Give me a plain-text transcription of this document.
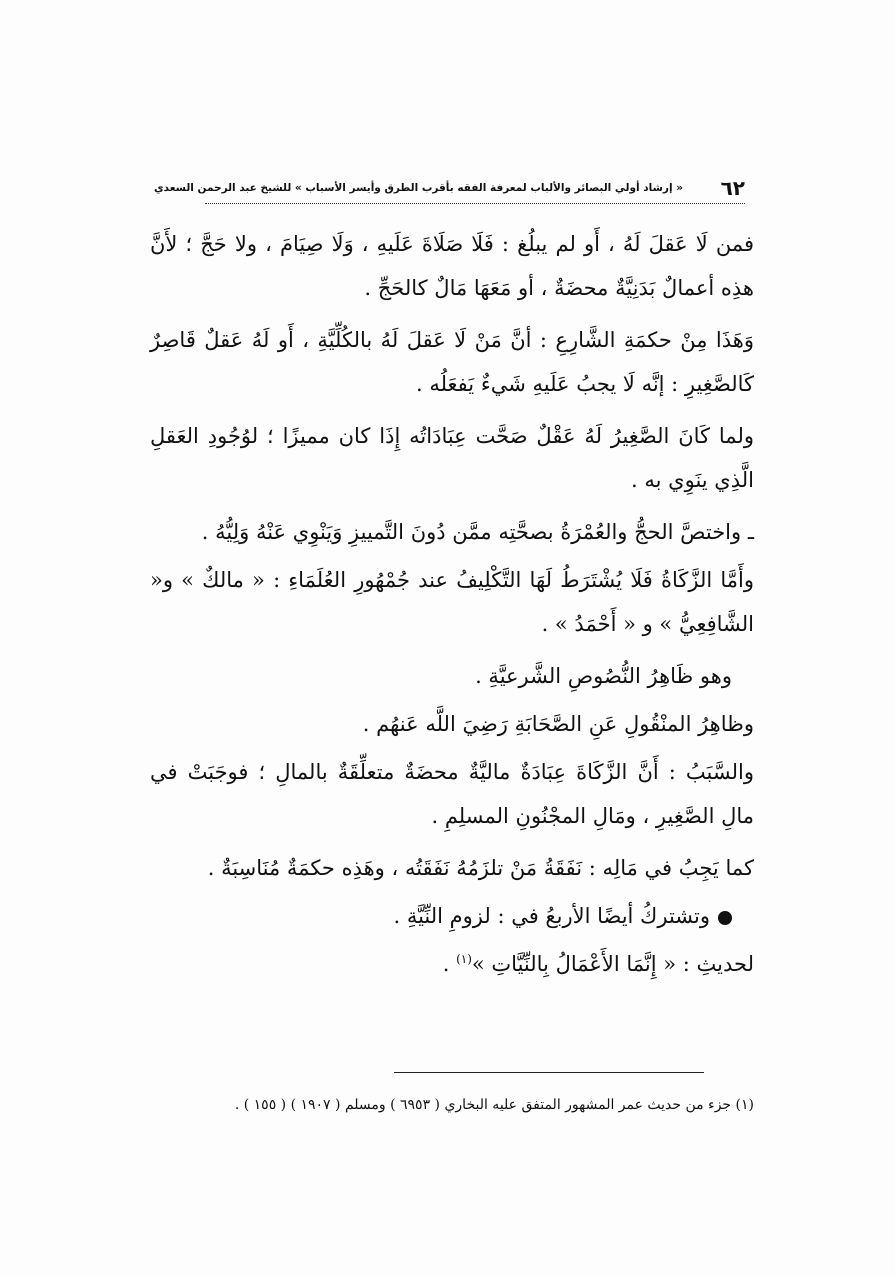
٦٢
« إرشاد أولي البصائر والألباب لمعرفة الفقه بأقرب الطرق وأيسر الأسباب » للشيخ عبد الرحمن السعدي

فمن لَا عَقلَ لَهُ ، أَو لم يبلُغ : فَلَا صَلَاةَ عَلَيهِ ، وَلَا صِيَامَ ، ولا حَجَّ ؛ لأَنَّ هذِه أعمالٌ بَدَنِيَّةٌ محضَةٌ ، أو مَعَهَا مَالٌ كالحَجِّ .

وَهَذَا مِنْ حكمَةِ الشَّارِعِ : أنَّ مَنْ لَا عَقلَ لَهُ بالكُلِّيَّةِ ، أَو لَهُ عَقلٌ قَاصِرٌ كَالصَّغِيرِ : إنَّه لَا يجبُ عَلَيهِ شَيءٌ يَفعَلُه .

ولما كَانَ الصَّغِيرُ لَهُ عَقْلٌ صَحَّت عِبَادَاتُه إِذَا كان مميزًا ؛ لوُجُودِ العَقلِ الَّذِي ينَوِي به .

ـ واختصَّ الحجُّ والعُمْرَةُ بصحَّتِه ممَّن دُونَ التَّمييزِ وَيَنْوِي عَنْهُ وَلِيُّهُ .

وأَمَّا الزَّكَاةُ فَلَا يُشْتَرَطُ لَهَا التَّكْلِيفُ عند جُمْهُورِ العُلَمَاءِ : « مالكٌ » و« الشَّافِعِيُّ » و « أَحْمَدُ » .

وهو ظَاهِرُ النُّصُوصِ الشَّرعيَّةِ .

وظاهِرُ المنْقُولِ عَنِ الصَّحَابَةِ رَضِيَ اللَّه عَنهُم .

والسَّبَبُ : أَنَّ الزَّكَاةَ عِبَادَةٌ ماليَّةٌ محضَةٌ متعلِّقَةٌ بالمالِ ؛ فوجَبَتْ في مالِ الصَّغِيرِ ، ومَالِ المجْنُونِ المسلِمِ .

كما يَجِبُ في مَالِه : نَفَقَةُ مَنْ تلزَمُهُ نَفَقَتُه ، وهَذِه حكمَةٌ مُنَاسِبَةٌ .

وتشتركُ أيضًا الأربعُ في : لزومِ النِّيَّةِ .

لحديثِ : « إِنَّمَا الأَعْمَالُ بِالنِّيَّاتِ »$^{(١)}$ .

(١) جزء من حديث عمر المشهور المتفق عليه البخاري ( ٦٩٥٣ ) ومسلم ( ١٩٠٧ ) ( ١٥٥ ) .
